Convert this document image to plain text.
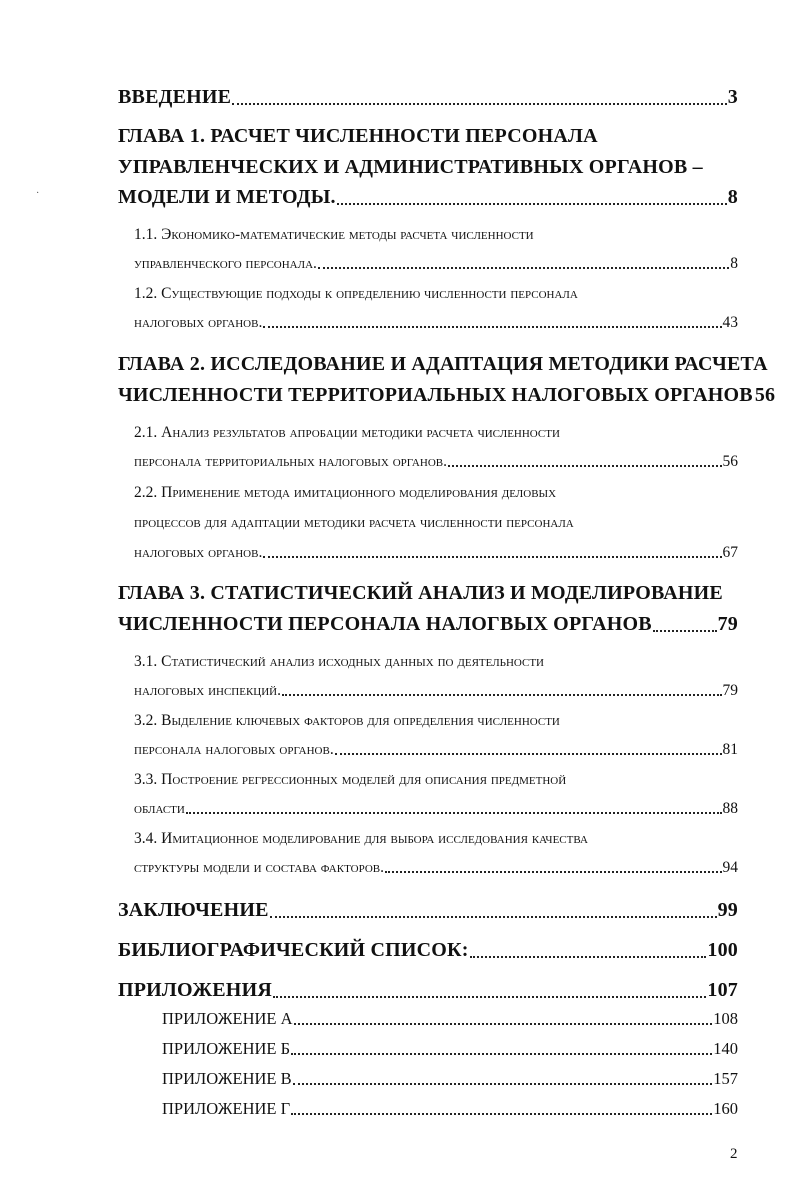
·
ВВЕДЕНИЕ	3
ГЛАВА 1. РАСЧЕТ ЧИСЛЕННОСТИ ПЕРСОНАЛА
УПРАВЛЕНЧЕСКИХ И АДМИНИСТРАТИВНЫХ ОРГАНОВ –
МОДЕЛИ И МЕТОДЫ.	8
1.1. Экономико-математические методы расчета численности
управленческого персонала.	8
1.2. Существующие подходы к определению численности персонала
налоговых органов.	43
ГЛАВА 2. ИССЛЕДОВАНИЕ И АДАПТАЦИЯ МЕТОДИКИ РАСЧЕТА
ЧИСЛЕННОСТИ ТЕРРИТОРИАЛЬНЫХ НАЛОГОВЫХ ОРГАНОВ 56
2.1. Анализ результатов апробации методики расчета численности
персонала территориальных налоговых органов.	56
2.2. Применение метода имитационного моделирования деловых
процессов для адаптации методики расчета численности персонала
налоговых органов.	67
ГЛАВА 3. СТАТИСТИЧЕСКИЙ АНАЛИЗ И МОДЕЛИРОВАНИЕ
ЧИСЛЕННОСТИ ПЕРСОНАЛА НАЛОГВЫХ ОРГАНОВ	79
3.1. Статистический анализ исходных данных по деятельности
налоговых инспекций.	79
3.2. Выделение ключевых факторов для определения численности
персонала налоговых органов.	81
3.3. Построение регрессионных моделей для описания предметной
области	88
3.4. Имитационное моделирование для выбора исследования качества
структуры модели и состава факторов.	94
ЗАКЛЮЧЕНИЕ	99
БИБЛИОГРАФИЧЕСКИЙ СПИСОК:	100
ПРИЛОЖЕНИЯ	107
ПРИЛОЖЕНИЕ А	108
ПРИЛОЖЕНИЕ Б	140
ПРИЛОЖЕНИЕ В	157
ПРИЛОЖЕНИЕ Г	160
2
